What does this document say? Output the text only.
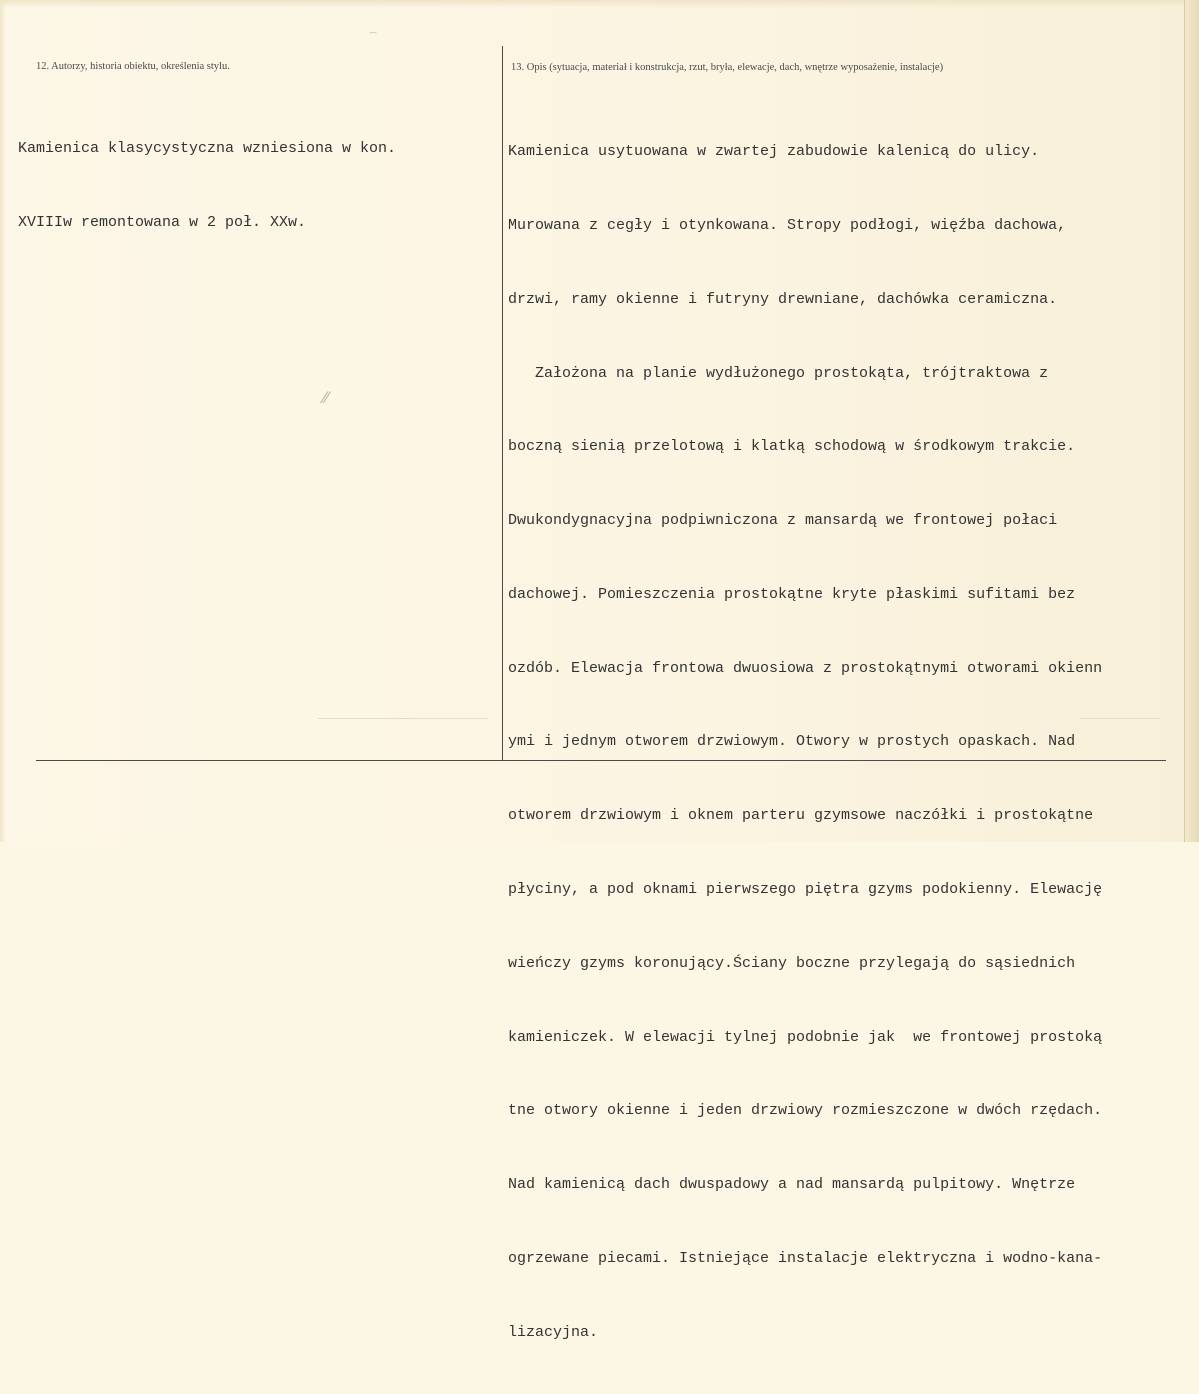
12. Autorzy, historia obiektu, określenia stylu.	13. Opis (sytuacja, materiał i konstrukcja, rzut, bryła, elewacje, dach, wnętrze wyposażenie, instalacje)

Kamienica klasycystyczna wzniesiona w kon.

XVIIIw remontowana w 2 poł. XXw.

Kamienica usytuowana w zwartej zabudowie kalenicą do ulicy.

Murowana z cegły i otynkowana. Stropy podłogi, więźba dachowa,

drzwi, ramy okienne i futryny drewniane, dachówka ceramiczna.

Założona na planie wydłużonego prostokąta, trójtraktowa z

boczną sienią przelotową i klatką schodową w środkowym trakcie.

Dwukondygnacyjna podpiwniczona z mansardą we frontowej połaci

dachowej. Pomieszczenia prostokątne kryte płaskimi sufitami bez

ozdób. Elewacja frontowa dwuosiowa z prostokątnymi otworami okienn

ymi i jednym otworem drzwiowym. Otwory w prostych opaskach. Nad

otworem drzwiowym i oknem parteru gzymsowe naczółki i prostokątne

płyciny, a pod oknami pierwszego piętra gzyms podokienny. Elewację

wieńczy gzyms koronujący.Ściany boczne przylegają do sąsiednich

kamieniczek. W elewacji tylnej podobnie jak  we frontowej prostoką

tne otwory okienne i jeden drzwiowy rozmieszczone w dwóch rzędach.

Nad kamienicą dach dwuspadowy a nad mansardą pulpitowy. Wnętrze

ogrzewane piecami. Istniejące instalacje elektryczna i wodno-kana-

lizacyjna.

⁄⁄
—
